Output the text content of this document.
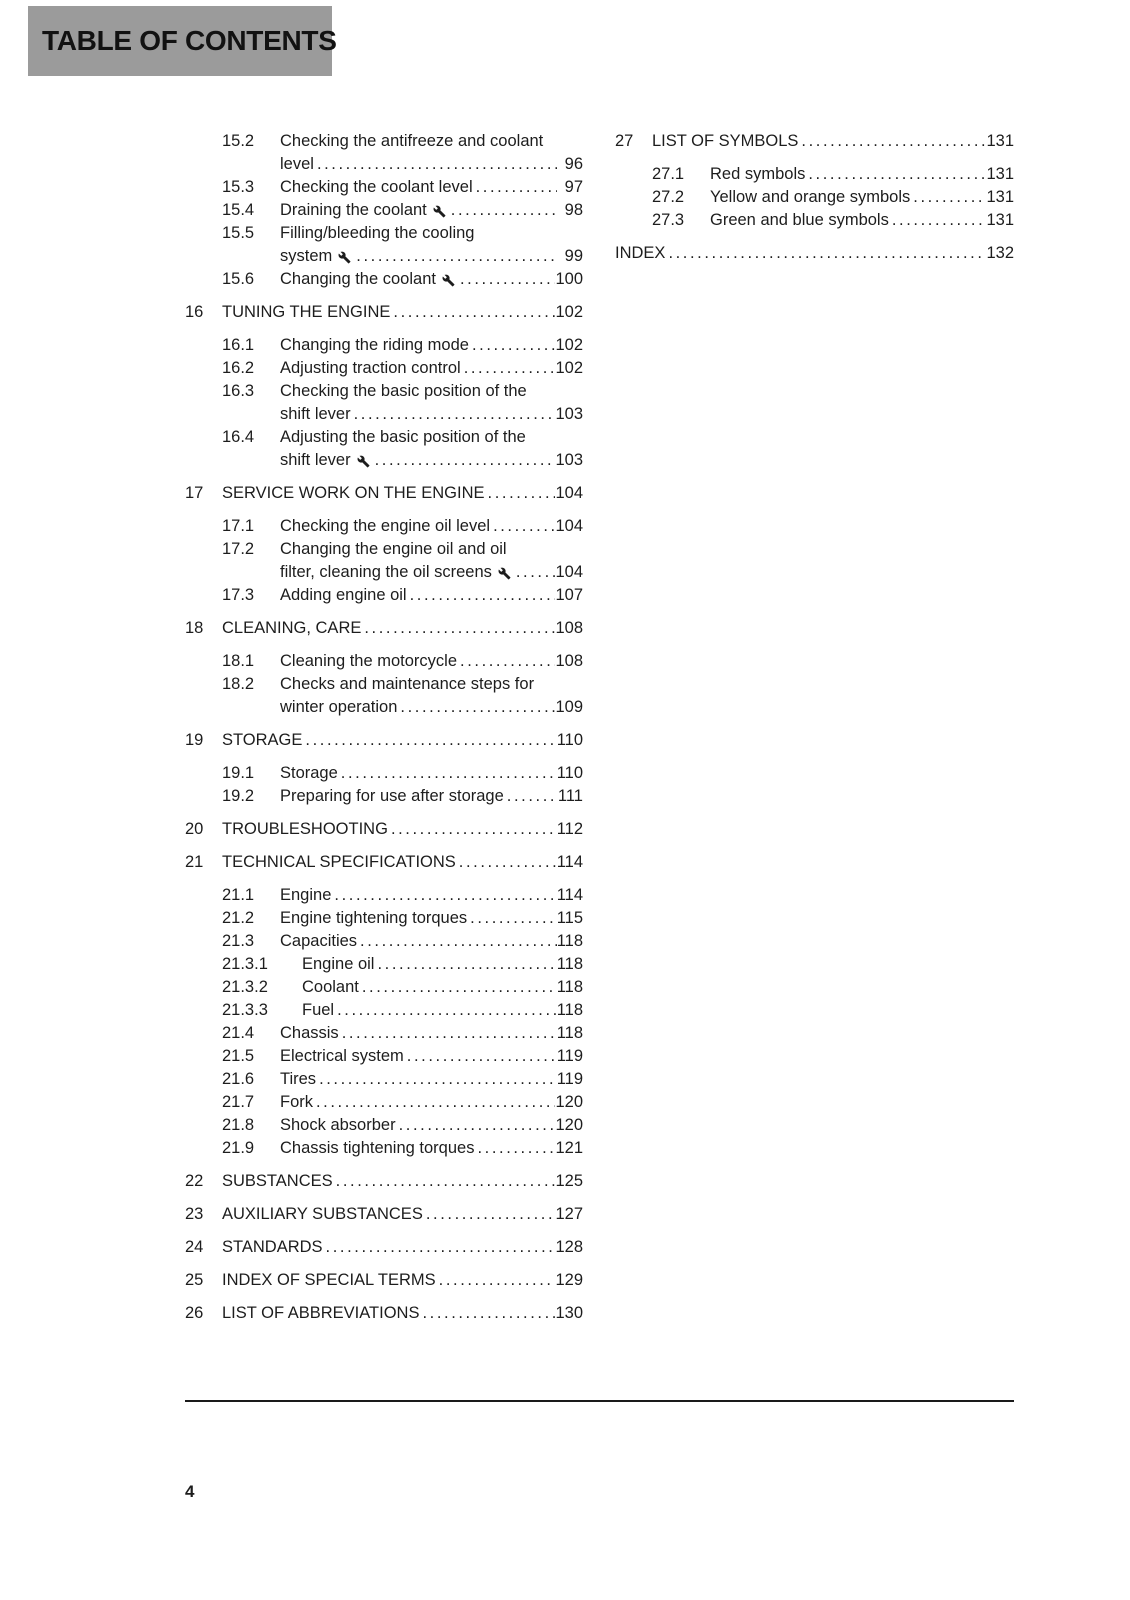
TABLE OF CONTENTS
15.2	Checking the antifreeze and coolant
level .....	96
15.3	Checking the coolant level .....	97
15.4	Draining the coolant .....	98
15.5	Filling/bleeding the cooling
system .....	99
15.6	Changing the coolant .....	100
16	TUNING THE ENGINE .....	102
16.1	Changing the riding mode .....	102
16.2	Adjusting traction control .....	102
16.3	Checking the basic position of the
shift lever .....	103
16.4	Adjusting the basic position of the
shift lever .....	103
17	SERVICE WORK ON THE ENGINE .....	104
17.1	Checking the engine oil level .....	104
17.2	Changing the engine oil and oil
filter, cleaning the oil screens .....	104
17.3	Adding engine oil .....	107
18	CLEANING, CARE .....	108
18.1	Cleaning the motorcycle .....	108
18.2	Checks and maintenance steps for
winter operation .....	109
19	STORAGE .....	110
19.1	Storage .....	110
19.2	Preparing for use after storage .....	111
20	TROUBLESHOOTING .....	112
21	TECHNICAL SPECIFICATIONS .....	114
21.1	Engine .....	114
21.2	Engine tightening torques .....	115
21.3	Capacities .....	118
21.3.1	Engine oil .....	118
21.3.2	Coolant .....	118
21.3.3	Fuel .....	118
21.4	Chassis .....	118
21.5	Electrical system .....	119
21.6	Tires .....	119
21.7	Fork .....	120
21.8	Shock absorber .....	120
21.9	Chassis tightening torques .....	121
22	SUBSTANCES .....	125
23	AUXILIARY SUBSTANCES .....	127
24	STANDARDS .....	128
25	INDEX OF SPECIAL TERMS .....	129
26	LIST OF ABBREVIATIONS .....	130
27	LIST OF SYMBOLS .....	131
27.1	Red symbols .....	131
27.2	Yellow and orange symbols .....	131
27.3	Green and blue symbols .....	131
INDEX .....	132
4
